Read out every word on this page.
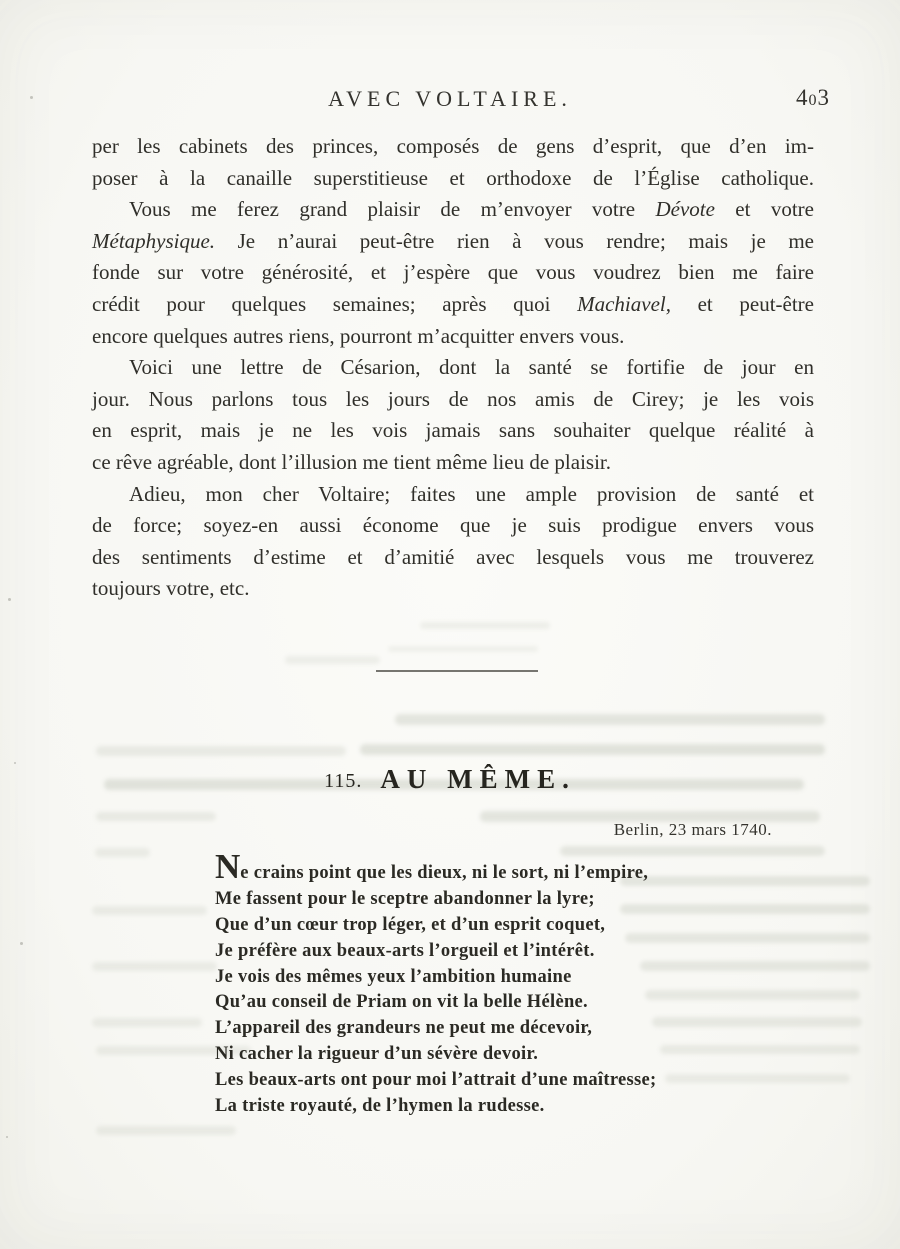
AVEC VOLTAIRE.	403
per les cabinets des princes, composés de gens d’esprit, que d’en im-
poser à la canaille superstitieuse et orthodoxe de l’Église catholique.
Vous me ferez grand plaisir de m’envoyer votre Dévote et votre
Métaphysique. Je n’aurai peut-être rien à vous rendre; mais je me
fonde sur votre générosité, et j’espère que vous voudrez bien me faire
crédit pour quelques semaines; après quoi Machiavel, et peut-être
encore quelques autres riens, pourront m’acquitter envers vous.
Voici une lettre de Césarion, dont la santé se fortifie de jour en
jour. Nous parlons tous les jours de nos amis de Cirey; je les vois
en esprit, mais je ne les vois jamais sans souhaiter quelque réalité à
ce rêve agréable, dont l’illusion me tient même lieu de plaisir.
Adieu, mon cher Voltaire; faites une ample provision de santé et
de force; soyez-en aussi économe que je suis prodigue envers vous
des sentiments d’estime et d’amitié avec lesquels vous me trouverez
toujours votre, etc.
115. AU MÊME.
Berlin, 23 mars 1740.
Ne crains point que les dieux, ni le sort, ni l’empire,
Me fassent pour le sceptre abandonner la lyre;
Que d’un cœur trop léger, et d’un esprit coquet,
Je préfère aux beaux-arts l’orgueil et l’intérêt.
Je vois des mêmes yeux l’ambition humaine
Qu’au conseil de Priam on vit la belle Hélène.
L’appareil des grandeurs ne peut me décevoir,
Ni cacher la rigueur d’un sévère devoir.
Les beaux-arts ont pour moi l’attrait d’une maîtresse;
La triste royauté, de l’hymen la rudesse.
